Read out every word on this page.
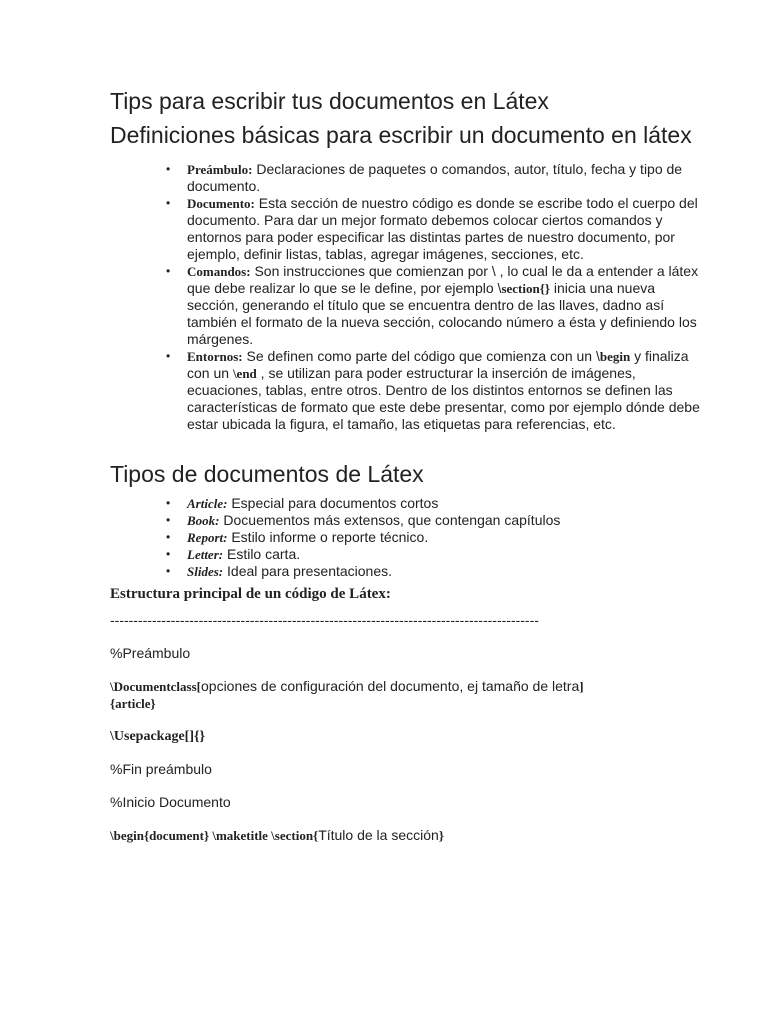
Tips para escribir tus documentos en Látex
Definiciones básicas para escribir un documento en látex
• Preámbulo: Declaraciones de paquetes o comandos, autor, título, fecha y tipo de documento.
• Documento: Esta sección de nuestro código es donde se escribe todo el cuerpo del documento. Para dar un mejor formato debemos colocar ciertos comandos y entornos para poder especificar las distintas partes de nuestro documento, por ejemplo, definir listas, tablas, agregar imágenes, secciones, etc.
• Comandos: Son instrucciones que comienzan por \ , lo cual le da a entender a látex que debe realizar lo que se le define, por ejemplo \section{} inicia una nueva sección, generando el título que se encuentra dentro de las llaves, dadno así también el formato de la nueva sección, colocando número a ésta y definiendo los márgenes.
• Entornos: Se definen como parte del código que comienza con un \begin y finaliza con un \end , se utilizan para poder estructurar la inserción de imágenes, ecuaciones, tablas, entre otros. Dentro de los distintos entornos se definen las características de formato que este debe presentar, como por ejemplo dónde debe estar ubicada la figura, el tamaño, las etiquetas para referencias, etc.
Tipos de documentos de Látex
• Article: Especial para documentos cortos
• Book: Docuementos más extensos, que contengan capítulos
• Report: Estilo informe o reporte técnico.
• Letter: Estilo carta.
• Slides: Ideal para presentaciones.

Estructura principal de un código de Látex:

--------------------------------------------------------------------------------------------

%Preámbulo

\Documentclass[opciones de configuración del documento, ej tamaño de letra]
{article}

\Usepackage[]{}

%Fin preámbulo

%Inicio Documento

\begin{document} \maketitle \section{Título de la sección}
